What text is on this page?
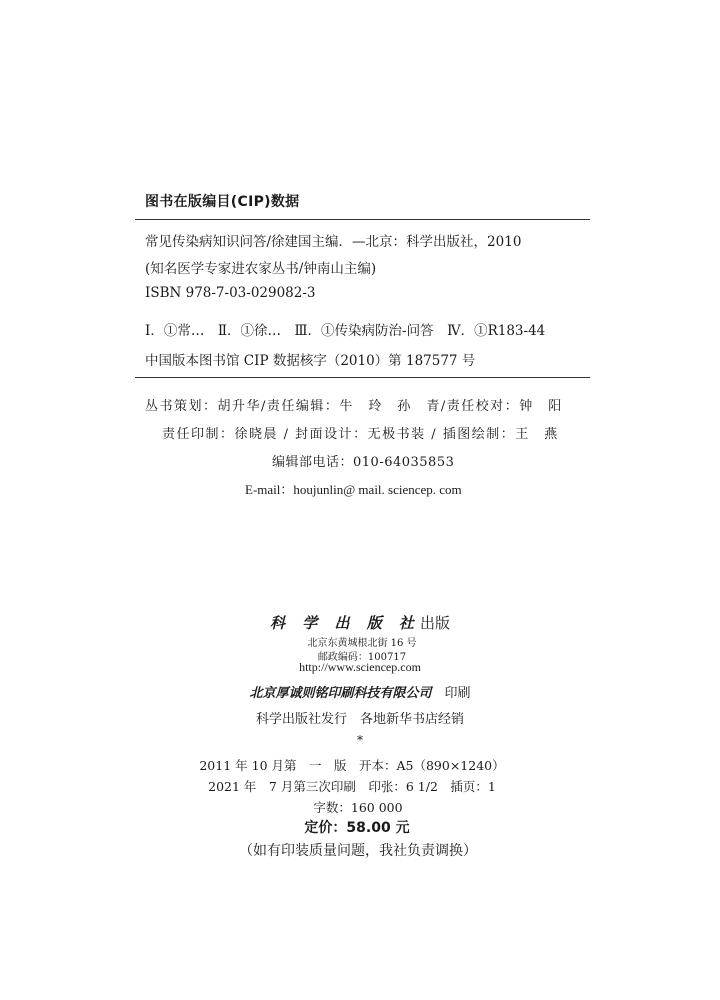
图书在版编目(CIP)数据
常见传染病知识问答/徐建国主编．—北京：科学出版社，2010
(知名医学专家进农家丛书/钟南山主编)
ISBN 978-7-03-029082-3
Ⅰ．①常…　Ⅱ．①徐…　Ⅲ．①传染病防治-问答　Ⅳ．①R183-44
中国版本图书馆 CIP 数据核字（2010）第 187577 号
丛书策划：胡升华/责任编辑：牛　玲　孙　青/责任校对：钟　阳
责任印制：徐晓晨 / 封面设计：无极书装 / 插图绘制：王　燕
编辑部电话：010-64035853
E-mail：houjunlin@ mail. sciencep. com
科 学 出 版 社出版
北京东黄城根北街 16 号
邮政编码：100717
http://www.sciencep.com
北京厚诚则铭印刷科技有限公司　 印刷
科学出版社发行　各地新华书店经销
*
2011 年 10 月第　一　版　开本：A5（890×1240）
2021 年　7 月第三次印刷　印张：6 1/2　插页：1
字数：160 000
定价：58.00 元
（如有印装质量问题，我社负责调换）
